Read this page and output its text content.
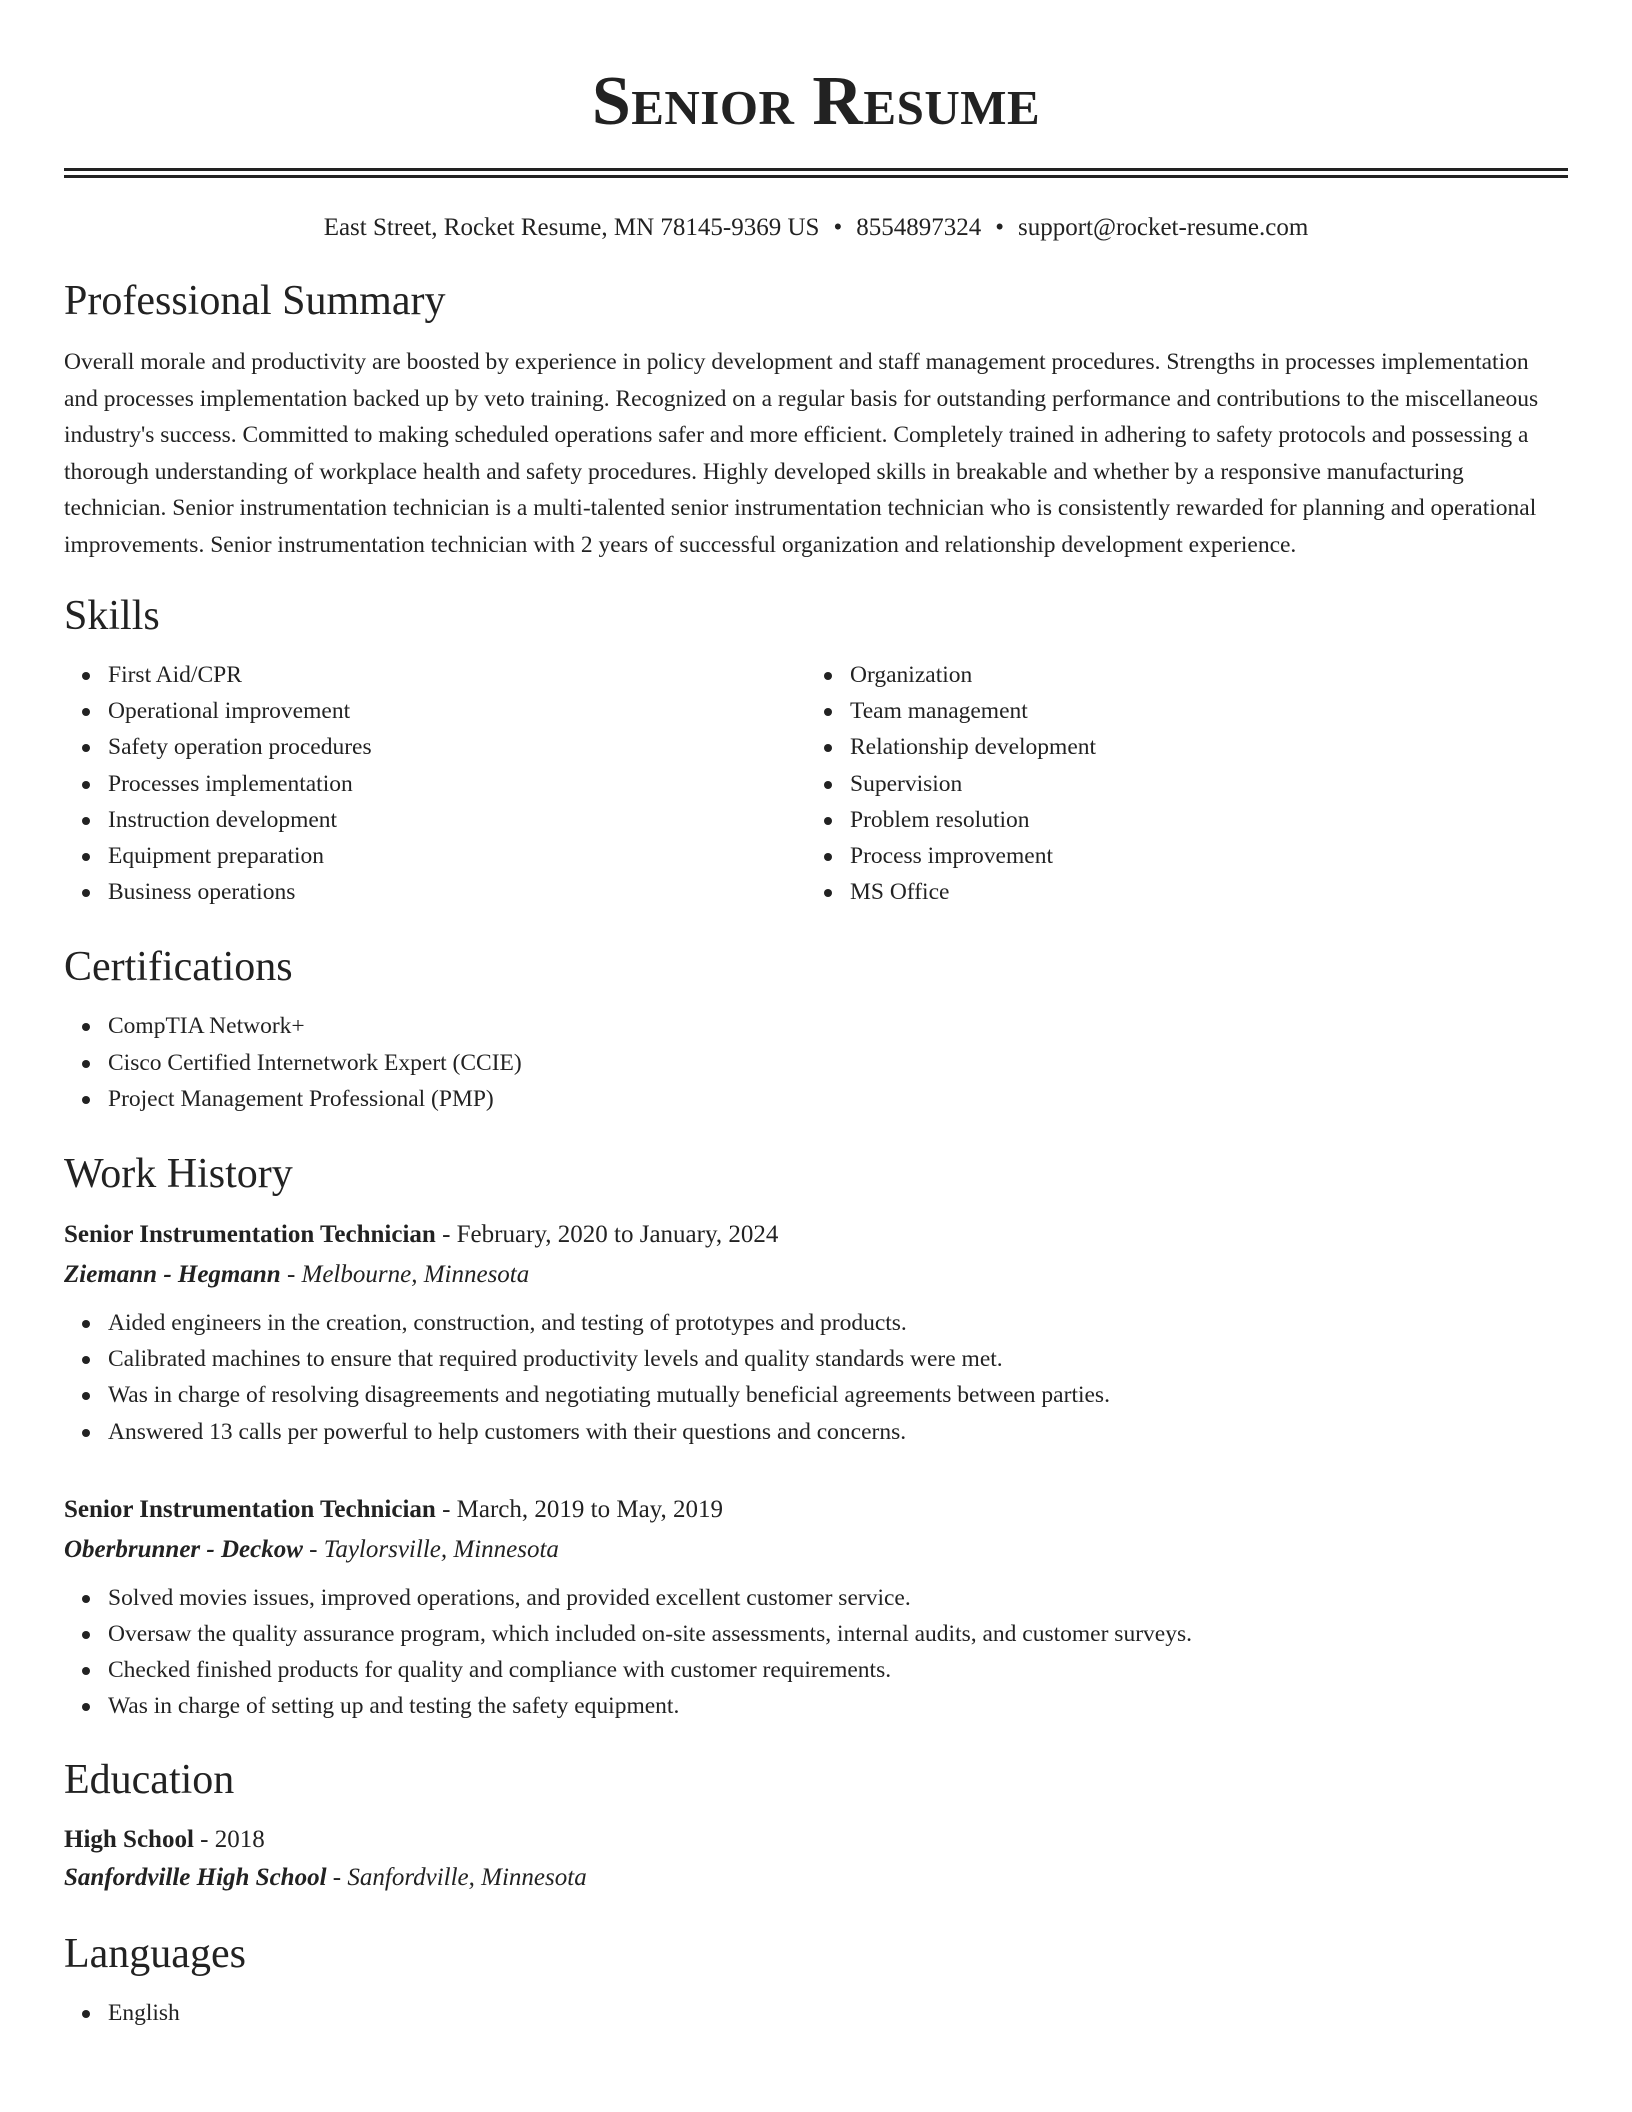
Senior Resume
East Street, Rocket Resume, MN 78145-9369 US • 8554897324 • support@rocket-resume.com
Professional Summary

Overall morale and productivity are boosted by experience in policy development and staff management procedures. Strengths in processes implementation and processes implementation backed up by veto training. Recognized on a regular basis for outstanding performance and contributions to the miscellaneous industry's success. Committed to making scheduled operations safer and more efficient. Completely trained in adhering to safety protocols and possessing a thorough understanding of workplace health and safety procedures. Highly developed skills in breakable and whether by a responsive manufacturing technician. Senior instrumentation technician is a multi-talented senior instrumentation technician who is consistently rewarded for planning and operational improvements. Senior instrumentation technician with 2 years of successful organization and relationship development experience.

Skills
First Aid/CPR
Operational improvement
Safety operation procedures
Processes implementation
Instruction development
Equipment preparation
Business operations
Organization
Team management
Relationship development
Supervision
Problem resolution
Process improvement
MS Office
Certifications
CompTIA Network+
Cisco Certified Internetwork Expert (CCIE)
Project Management Professional (PMP)
Work History
Senior Instrumentation Technician - February, 2020 to January, 2024
Ziemann - Hegmann - Melbourne, Minnesota
Aided engineers in the creation, construction, and testing of prototypes and products.
Calibrated machines to ensure that required productivity levels and quality standards were met.
Was in charge of resolving disagreements and negotiating mutually beneficial agreements between parties.
Answered 13 calls per powerful to help customers with their questions and concerns.
Senior Instrumentation Technician - March, 2019 to May, 2019
Oberbrunner - Deckow - Taylorsville, Minnesota
Solved movies issues, improved operations, and provided excellent customer service.
Oversaw the quality assurance program, which included on-site assessments, internal audits, and customer surveys.
Checked finished products for quality and compliance with customer requirements.
Was in charge of setting up and testing the safety equipment.
Education
High School - 2018
Sanfordville High School - Sanfordville, Minnesota
Languages
English
